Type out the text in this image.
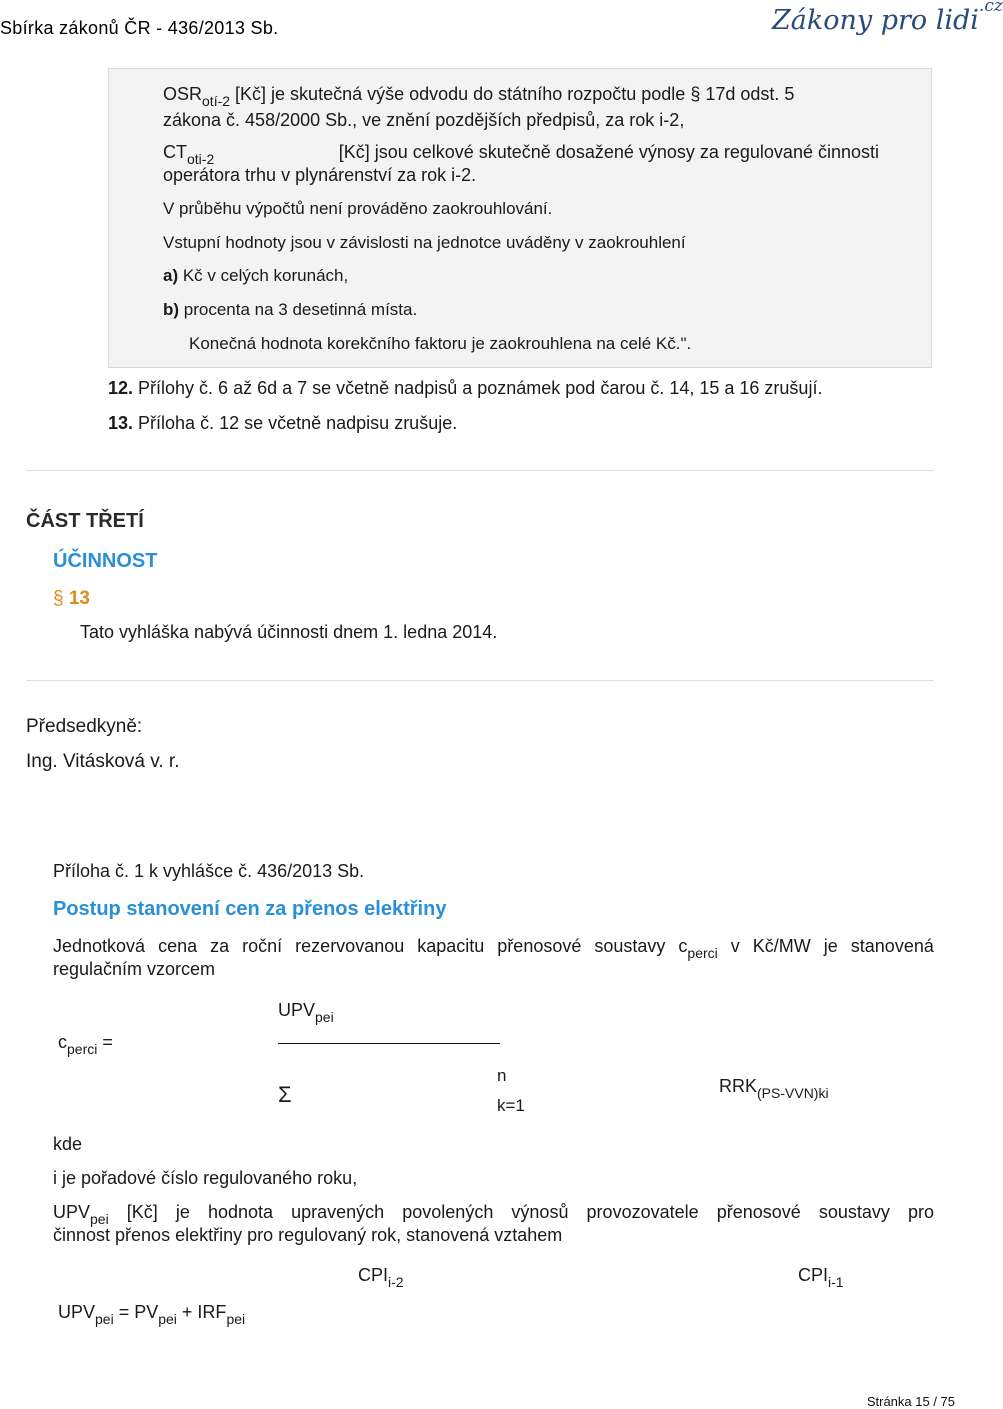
Sbírka zákonů ČR - 436/2013 Sb.	Zákony pro lidi$^{.cz}$
$OSR_{otí-2}$ [Kč] je skutečná výše odvodu do státního rozpočtu podle § 17d odst. 5
zákona č. 458/2000 Sb., ve znění pozdějších předpisů, za rok i-2,
$CT_{oti-2}$	[Kč] jsou celkové skutečně dosažené výnosy za regulované činnosti
operátora trhu v plynárenství za rok i-2.
V průběhu výpočtů není prováděno zaokrouhlování.
Vstupní hodnoty jsou v závislosti na jednotce uváděny v zaokrouhlení
a) Kč v celých korunách,
b) procenta na 3 desetinná místa.
Konečná hodnota korekčního faktoru je zaokrouhlena na celé Kč.".
12. Přílohy č. 6 až 6d a 7 se včetně nadpisů a poznámek pod čarou č. 14, 15 a 16 zrušují.
13. Příloha č. 12 se včetně nadpisu zrušuje.
ČÁST TŘETÍ
ÚČINNOST
§ 13
Tato vyhláška nabývá účinnosti dnem 1. ledna 2014.
Předsedkyně:
Ing. Vitásková v. r.
Příloha č. 1 k vyhlášce č. 436/2013 Sb.
Postup stanovení cen za přenos elektřiny
Jednotková cena za roční rezervovanou kapacitu přenosové soustavy $c_{perci}$ v Kč/MW je stanovená
regulačním vzorcem
$c_{perci}$ =
$UPV_{pei}$
Σ
n
k=1
$RRK_{(PS-VVN)ki}$
kde
i je pořadové číslo regulovaného roku,
$UPV_{pei}$ [Kč] je hodnota upravených povolených výnosů provozovatele přenosové soustavy pro
činnost přenos elektřiny pro regulovaný rok, stanovená vztahem
$CPI_{i-2}$	$CPI_{i-1}$
$UPV_{pei} = PV_{pei} + IRF_{pei}$
Stránka 15 / 75
